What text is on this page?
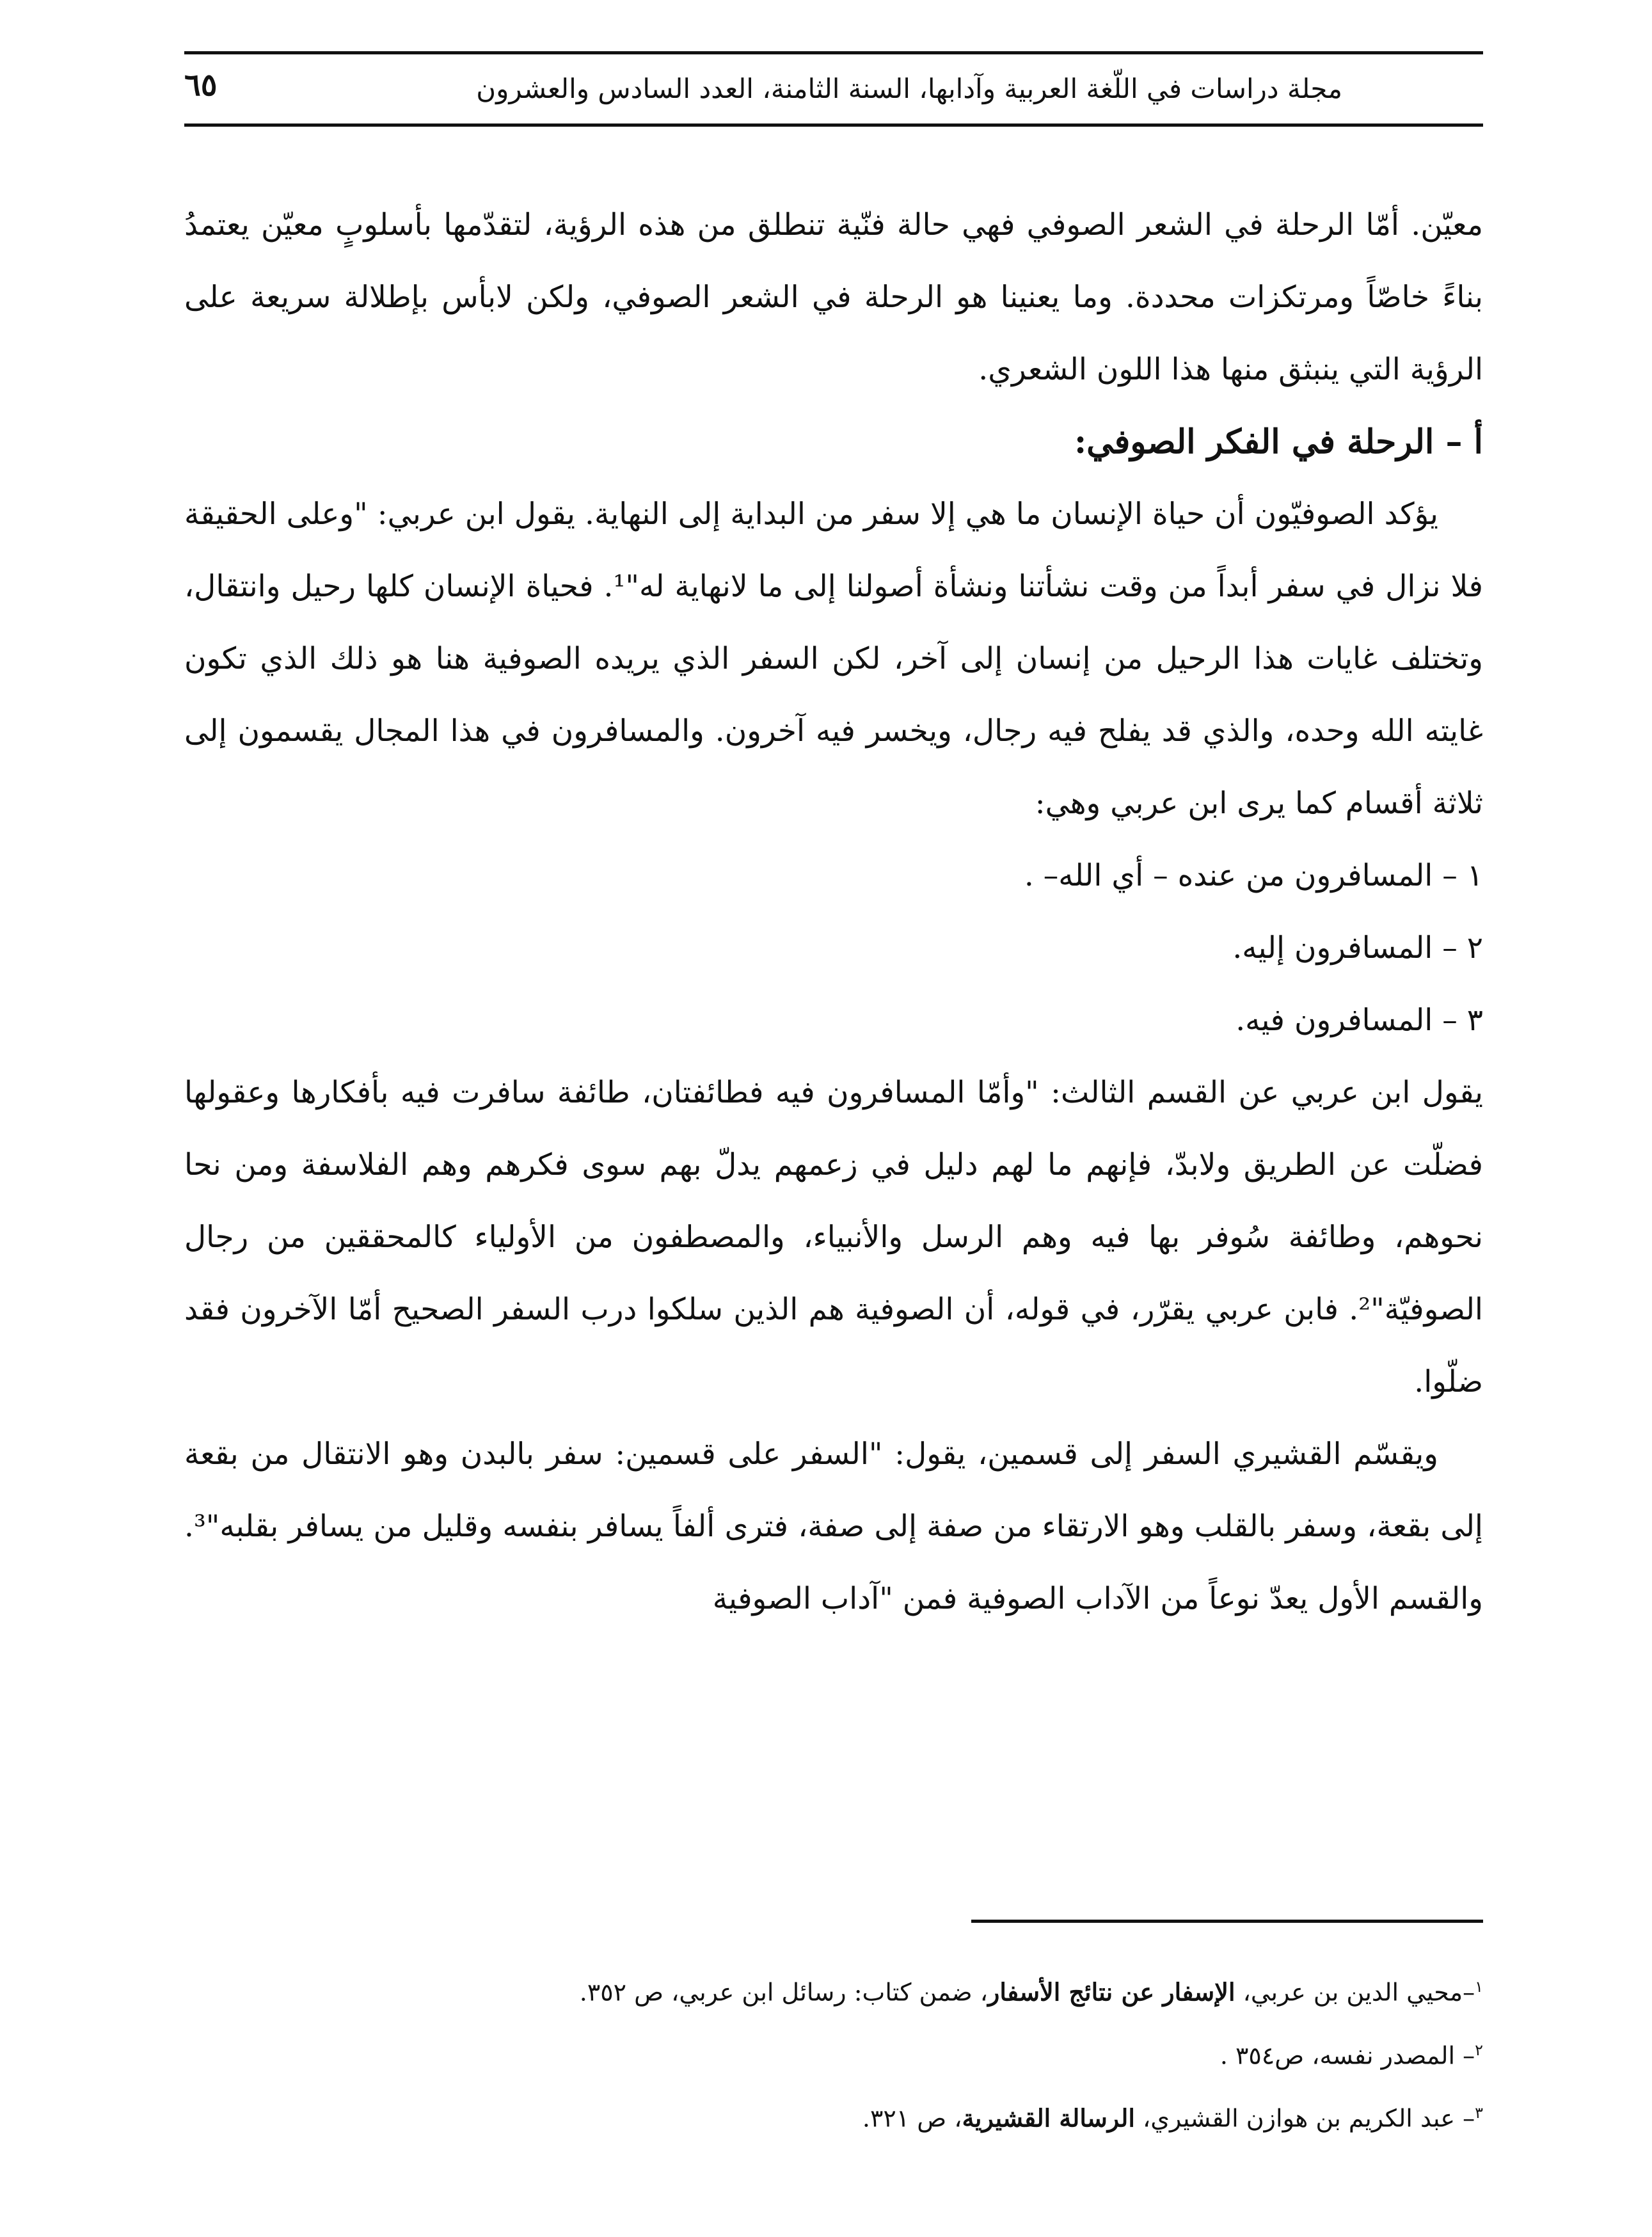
مجلة دراسات في اللّغة العربية وآدابها، السنة الثامنة، العدد السادس والعشرون
٦٥

معيّن. أمّا الرحلة في الشعر الصوفي فهي حالة فنّية تنطلق من هذه الرؤية، لتقدّمها بأسلوبٍ معيّن يعتمدُ بناءً خاصّاً ومرتكزات محددة. وما يعنينا هو الرحلة في الشعر الصوفي، ولكن لابأس بإطلالة سريعة على الرؤية التي ينبثق منها هذا اللون الشعري.

أ – الرحلة في الفكر الصوفي:

يؤكد الصوفيّون أن حياة الإنسان ما هي إلا سفر من البداية إلى النهاية. يقول ابن عربي: "وعلى الحقيقة فلا نزال في سفر أبداً من وقت نشأتنا ونشأة أصولنا إلى ما لانهاية له"¹. فحياة الإنسان كلها رحيل وانتقال، وتختلف غايات هذا الرحيل من إنسان إلى آخر، لكن السفر الذي يريده الصوفية هنا هو ذلك الذي تكون غايته الله وحده، والذي قد يفلح فيه رجال، ويخسر فيه آخرون. والمسافرون في هذا المجال يقسمون إلى ثلاثة أقسام كما يرى ابن عربي وهي:

١ – المسافرون من عنده – أي الله– .

٢ – المسافرون إليه.

٣ – المسافرون فيه.

يقول ابن عربي عن القسم الثالث: "وأمّا المسافرون فيه فطائفتان، طائفة سافرت فيه بأفكارها وعقولها فضلّت عن الطريق ولابدّ، فإنهم ما لهم دليل في زعمهم يدلّ بهم سوى فكرهم وهم الفلاسفة ومن نحا نحوهم، وطائفة سُوفر بها فيه وهم الرسل والأنبياء، والمصطفون من الأولياء كالمحققين من رجال الصوفيّة"². فابن عربي يقرّر، في قوله، أن الصوفية هم الذين سلكوا درب السفر الصحيح أمّا الآخرون فقد ضلّوا.

ويقسّم القشيري السفر إلى قسمين، يقول: "السفر على قسمين: سفر بالبدن وهو الانتقال من بقعة إلى بقعة، وسفر بالقلب وهو الارتقاء من صفة إلى صفة، فترى ألفاً يسافر بنفسه وقليل من يسافر بقلبه"³. والقسم الأول يعدّ نوعاً من الآداب الصوفية فمن "آداب الصوفية

$^١$–محيي الدين بن عربي، الإسفار عن نتائج الأسفار، ضمن كتاب: رسائل ابن عربي، ص ٣٥٢.

$^٢$– المصدر نفسه، ص٣٥٤ .

$^٣$– عبد الكريم بن هوازن القشيري، الرسالة القشيرية، ص ٣٢١.
